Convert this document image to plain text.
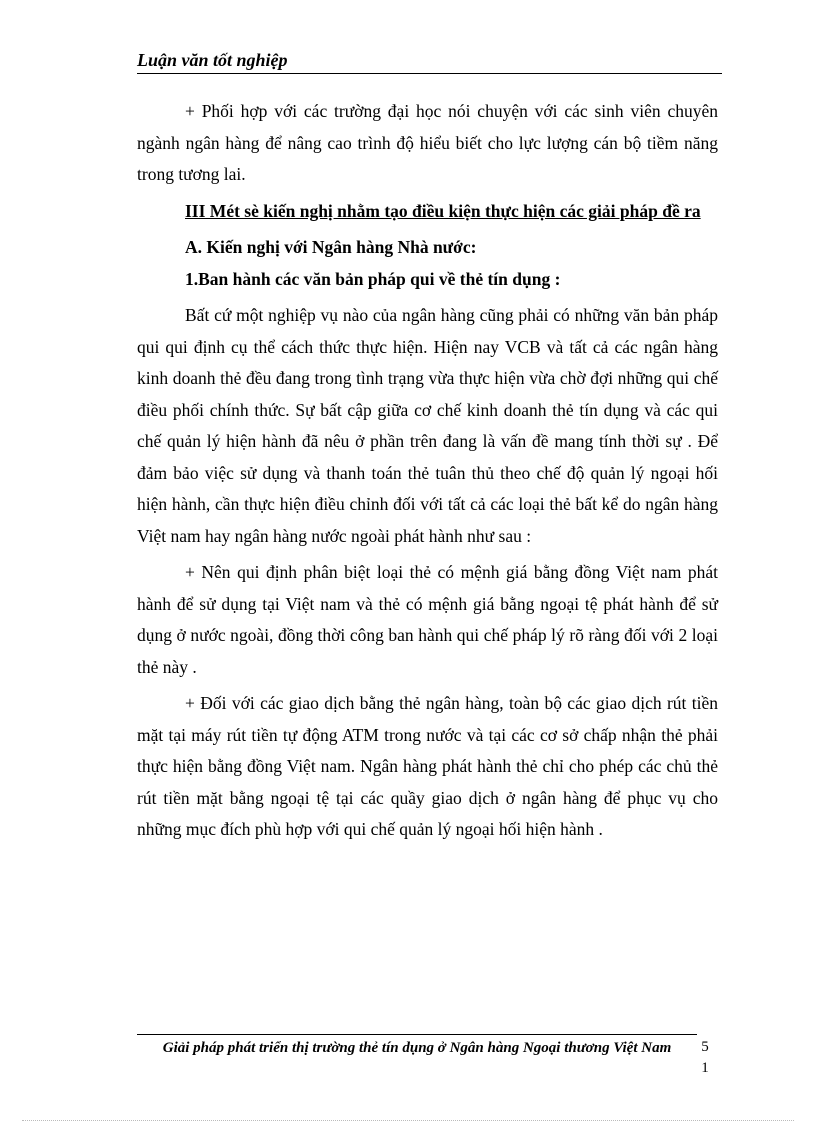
Luận văn tốt nghiệp

+ Phối hợp với các trường đại học nói chuyện với các sinh viên chuyên ngành ngân hàng để nâng cao trình độ hiểu biết cho lực lượng cán bộ tiềm năng trong tương lai.

III Mét sè kiến nghị nhằm tạo điều kiện thực hiện các giải pháp đề ra

A. Kiến nghị với Ngân hàng Nhà nước:

1.Ban hành các văn bản pháp qui về thẻ tín dụng :

Bất cứ một nghiệp vụ nào của ngân hàng cũng phải có những văn bản pháp qui qui định cụ thể cách thức thực hiện. Hiện nay VCB và tất cả các ngân hàng kinh doanh thẻ đều đang trong tình trạng vừa thực hiện vừa chờ đợi những qui chế điều phối chính thức. Sự bất cập giữa cơ chế kinh doanh thẻ tín dụng và các qui chế quản lý hiện hành đã nêu ở phần trên đang là vấn đề mang tính thời sự . Để đảm bảo việc sử dụng và thanh toán thẻ tuân thủ theo chế độ quản lý ngoại hối hiện hành, cần thực hiện điều chỉnh đối với tất cả các loại thẻ bất kể do ngân hàng Việt nam hay ngân hàng nước ngoài phát hành như sau :

+ Nên qui định phân biệt loại thẻ có mệnh giá bằng đồng Việt nam phát hành để sử dụng tại Việt nam và thẻ có mệnh giá bằng ngoại tệ phát hành để sử dụng ở nước ngoài, đồng thời công ban hành qui chế pháp lý rõ ràng đối với 2 loại thẻ này .

+ Đối với các giao dịch bằng thẻ ngân hàng, toàn bộ các giao dịch rút tiền mặt tại máy rút tiền tự động ATM trong nước và tại các cơ sở chấp nhận thẻ phải thực hiện bằng đồng Việt nam. Ngân hàng phát hành thẻ chỉ cho phép các chủ thẻ rút tiền mặt bằng ngoại tệ tại các quầy giao dịch ở ngân hàng để phục vụ cho những mục đích phù hợp với qui chế quản lý ngoại hối hiện hành .

Giải pháp phát triển thị trường thẻ tín dụng ở Ngân hàng Ngoại thương Việt Nam	5
1
